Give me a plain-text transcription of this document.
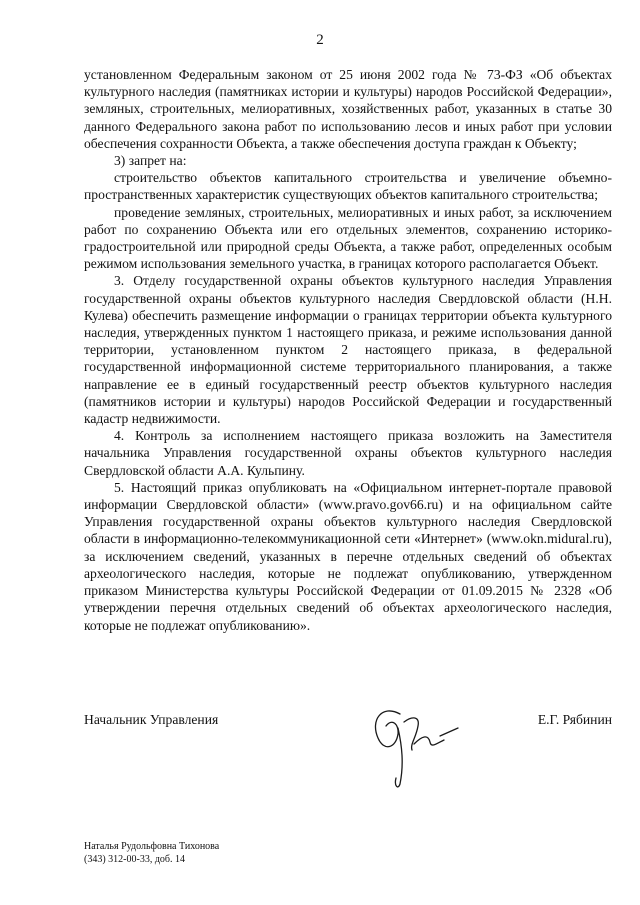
2

установленном Федеральным законом от 25 июня 2002 года № 73-ФЗ «Об объектах культурного наследия (памятниках истории и культуры) народов Российской Федерации», земляных, строительных, мелиоративных, хозяйственных работ, указанных в статье 30 данного Федерального закона работ по использованию лесов и иных работ при условии обеспечения сохранности Объекта, а также обеспечения доступа граждан к Объекту;

3) запрет на:

строительство объектов капитального строительства и увеличение объемно-пространственных характеристик существующих объектов капитального строительства;

проведение земляных, строительных, мелиоративных и иных работ, за исключением работ по сохранению Объекта или его отдельных элементов, сохранению историко-градостроительной или природной среды Объекта, а также работ, определенных особым режимом использования земельного участка, в границах которого располагается Объект.

3. Отделу государственной охраны объектов культурного наследия Управления государственной охраны объектов культурного наследия Свердловской области (Н.Н. Кулева) обеспечить размещение информации о границах территории объекта культурного наследия, утвержденных пунктом 1 настоящего приказа, и режиме использования данной территории, установленном пунктом 2 настоящего приказа, в федеральной государственной информационной системе территориального планирования, а также направление ее в единый государственный реестр объектов культурного наследия (памятников истории и культуры) народов Российской Федерации и государственный кадастр недвижимости.

4. Контроль за исполнением настоящего приказа возложить на Заместителя начальника Управления государственной охраны объектов культурного наследия Свердловской области А.А. Кульпину.

5. Настоящий приказ опубликовать на «Официальном интернет-портале правовой информации Свердловской области» (www.pravo.gov66.ru) и на официальном сайте Управления государственной охраны объектов культурного наследия Свердловской области в информационно-телекоммуникационной сети «Интернет» (www.okn.midural.ru), за исключением сведений, указанных в перечне отдельных сведений об объектах археологического наследия, которые не подлежат опубликованию, утвержденном приказом Министерства культуры Российской Федерации от 01.09.2015 № 2328 «Об утверждении перечня отдельных сведений об объектах археологического наследия, которые не подлежат опубликованию».

Начальник Управления	Е.Г. Рябинин
Наталья Рудольфовна Тихонова
(343) 312-00-33, доб. 14
